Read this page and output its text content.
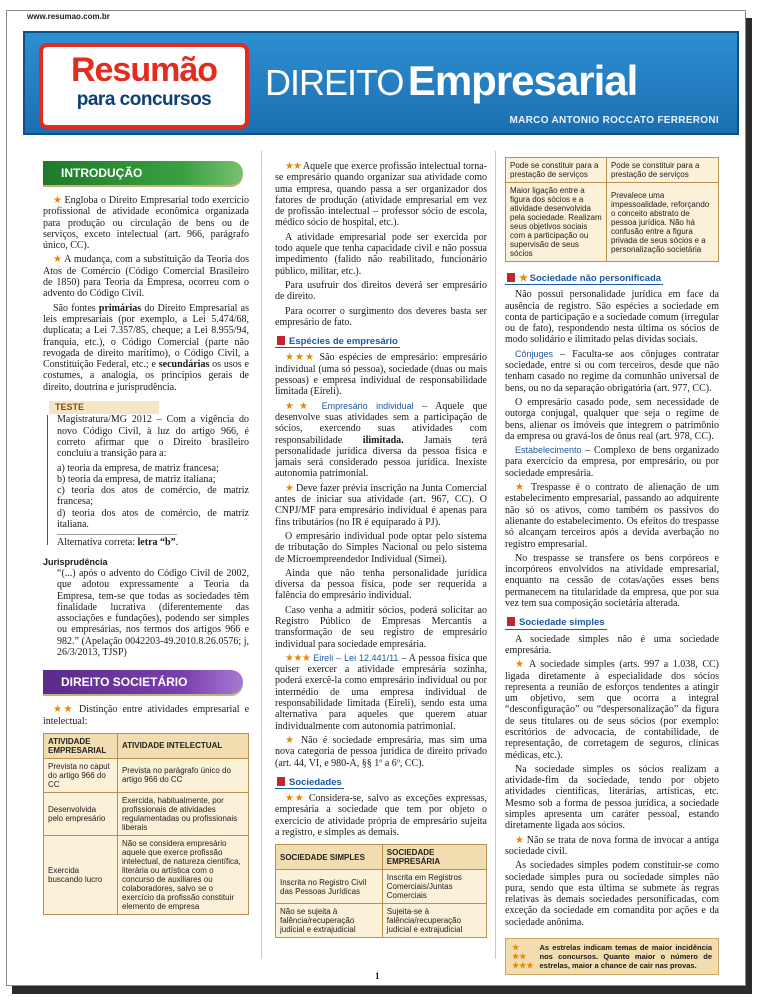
www.resumao.com.br
Resumão
para concursos	DIREITO Empresarial
MARCO ANTONIO ROCCATO FERRERONI
INTRODUÇÃO

★ Engloba o Direito Empresarial todo exercício profissional de atividade econômica organizada para produção ou circulação de bens ou de serviços, exceto intelectual (art. 966, parágrafo único, CC).

★ A mudança, com a substituição da Teoria dos Atos de Comércio (Código Comercial Brasileiro de 1850) para Teoria da Empresa, ocorreu com o advento do Código Civil.

São fontes primárias do Direito Empresarial as leis empresariais (por exemplo, a Lei 5.474/68, duplicata; a Lei 7.357/85, cheque; a Lei 8.955/94, franquia, etc.), o Código Comercial (parte não revogada de direito marítimo), o Código Civil, a Constituição Federal, etc.; e secundárias os usos e costumes, a analogia, os princípios gerais de direito, doutrina e jurisprudência.

TESTE

Magistratura/MG 2012 – Com a vigência do novo Código Civil, à luz do artigo 966, é correto afirmar que o Direito brasileiro concluiu a transição para a:

a) teoria da empresa, de matriz francesa;
b) teoria da empresa, de matriz italiana;
c) teoria dos atos de comércio, de matriz francesa;
d) teoria dos atos de comércio, de matriz italiana.
Alternativa correta: letra “b”.
Jurisprudência

“(...) após o advento do Código Civil de 2002, que adotou expressamente a Teoria da Empresa, tem-se que todas as sociedades têm finalidade lucrativa (diferentemente das associações e fundações), podendo ser simples ou empresárias, nos termos dos artigos 966 e 982.” (Apelação 0042203-49.2010.8.26.0576; j, 26/3/2013, TJSP)

DIREITO SOCIETÁRIO

★★ Distinção entre atividades empresarial e intelectual:

ATIVIDADE EMPRESARIAL	ATIVIDADE INTELECTUAL
Prevista no caput do artigo 966 do CC	Prevista no parágrafo único do artigo 966 do CC
Desenvolvida pelo empresário	Exercida, habitualmente, por profissionais de atividades regulamentadas ou profissionais liberais
Exercida buscando lucro	Não se considera empresário aquele que exerce profissão intelectual, de natureza científica, literária ou artística com o concurso de auxiliares ou colaboradores, salvo se o exercício da profissão constituir elemento de empresa

★★ Aquele que exerce profissão intelectual torna-se empresário quando organizar sua atividade como uma empresa, quando passa a ser organizador dos fatores de produção (atividade empresarial em vez de profissão intelectual – professor sócio de escola, médico sócio de hospital, etc.).

A atividade empresarial pode ser exercida por todo aquele que tenha capacidade civil e não possua impedimento (falido não reabilitado, funcionário público, militar, etc.).

Para usufruir dos direitos deverá ser empresário de direito.

Para ocorrer o surgimento dos deveres basta ser empresário de fato.

Espécies de empresário

★★★ São espécies de empresário: empresário individual (uma só pessoa), sociedade (duas ou mais pessoas) e empresa individual de responsabilidade limitada (Eireli).

★★ Empresário individual – Aquele que desenvolve suas atividades sem a participação de sócios, exercendo suas atividades com responsabilidade ilimitada. Jamais terá personalidade jurídica diversa da pessoa física e jamais será considerado pessoa jurídica. Inexiste autonomia patrimonial.

★ Deve fazer prévia inscrição na Junta Comercial antes de iniciar sua atividade (art. 967, CC). O CNPJ/MF para empresário individual é apenas para fins tributários (no IR é equiparado à PJ).

O empresário individual pode optar pelo sistema de tributação do Simples Nacional ou pelo sistema de Microempreendedor Individual (Simei).

Ainda que não tenha personalidade jurídica diversa da pessoa física, pode ser requerida a falência do empresário individual.

Caso venha a admitir sócios, poderá solicitar ao Registro Público de Empresas Mercantis a transformação de seu registro de empresário individual para sociedade empresária.

★★★ Eireli – Lei 12.441/11 – A pessoa física que quiser exercer a atividade empresária sozinha, poderá exercê-la como empresário individual ou por intermédio de uma empresa individual de responsabilidade limitada (Eireli), sendo esta uma alternativa para aqueles que querem atuar individualmente com autonomia patrimonial.

★ Não é sociedade empresária, mas sim uma nova categoria de pessoa jurídica de direito privado (art. 44, VI, e 980-A, §§ 1º a 6º, CC).

Sociedades

★★ Considera-se, salvo as exceções expressas, empresária a sociedade que tem por objeto o exercício de atividade própria de empresário sujeita a registro, e simples as demais.

SOCIEDADE SIMPLES	SOCIEDADE EMPRESÁRIA
Inscrita no Registro Civil das Pessoas Jurídicas	Inscrita em Registros Comerciais/Juntas Comerciais
Não se sujeita à falência/recuperação judicial e extrajudicial	Sujeita-se à falência/recuperação judicial e extrajudicial
Pode se constituir para a prestação de serviços	Pode se constituir para a prestação de serviços
Maior ligação entre a figura dos sócios e a atividade desenvolvida pela sociedade. Realizam seus objetivos sociais com a participação ou supervisão de seus sócios	Prevalece uma impessoalidade, reforçando o conceito abstrato de pessoa jurídica. Não há confusão entre a figura privada de seus sócios e a personalização societária
★ Sociedade não personificada

Não possui personalidade jurídica em face da ausência de registro. São espécies a sociedade em conta de participação e a sociedade comum (irregular ou de fato), respondendo nesta última os sócios de modo solidário e ilimitado pelas dívidas sociais.

Cônjuges – Faculta-se aos cônjuges contratar sociedade, entre si ou com terceiros, desde que não tenham casado no regime da comunhão universal de bens, ou no da separação obrigatória (art. 977, CC).

O empresário casado pode, sem necessidade de outorga conjugal, qualquer que seja o regime de bens, alienar os imóveis que integrem o patrimônio da empresa ou gravá-los de ônus real (art. 978, CC).

Estabelecimento – Complexo de bens organizado para exercício da empresa, por empresário, ou por sociedade empresária.

★ Trespasse é o contrato de alienação de um estabelecimento empresarial, passando ao adquirente não só os ativos, como também os passivos do alienante do estabelecimento. Os efeitos do trespasse só alcançam terceiros após a devida averbação no registro empresarial.

No trespasse se transfere os bens corpóreos e incorpóreos envolvidos na atividade empresarial, enquanto na cessão de cotas/ações esses bens permanecem na titularidade da empresa, que por sua vez tem sua composição societária alterada.

Sociedade simples

A sociedade simples não é uma sociedade empresária.

★ A sociedade simples (arts. 997 a 1.038, CC) ligada diretamente à especialidade dos sócios representa a reunião de esforços tendentes a atingir um objetivo, sem que ocorra a integral “desconfiguração” ou “despersonalização” da figura de seus titulares ou de seus sócios (por exemplo: escritórios de advocacia, de contabilidade, de representação, de corretagem de seguros, clínicas médicas, etc.).

Na sociedade simples os sócios realizam a atividade-fim da sociedade, tendo por objeto atividades científicas, literárias, artísticas, etc. Mesmo sob a forma de pessoa jurídica, a sociedade simples apresenta um caráter pessoal, estando diretamente ligada aos sócios.

★ Não se trata de nova forma de invocar a antiga sociedade civil.

As sociedades simples podem constituir-se como sociedade simples pura ou sociedade simples não pura, sendo que esta última se submete às regras relativas às demais sociedades personificadas, com exceção da sociedade em comandita por ações e da sociedade anônima.

★
★★
★★★
As estrelas indicam temas de maior incidência nos concursos. Quanto maior o número de estrelas, maior a chance de cair nas provas.
1
